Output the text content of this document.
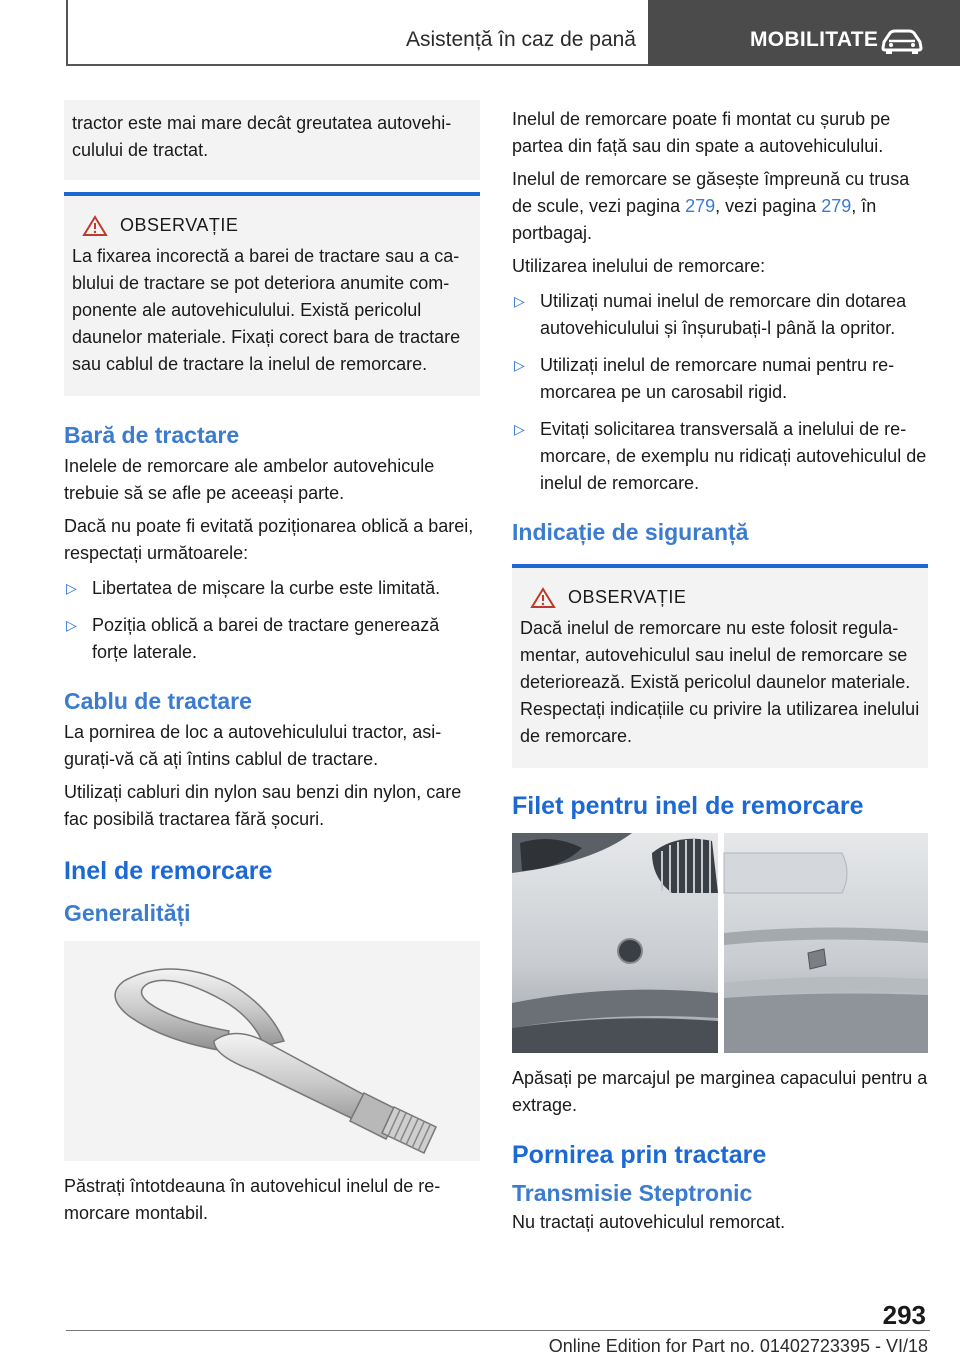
Asistență în caz de pană	MOBILITATE
tractor este mai mare decât greutatea autovehiculului de tractat.
OBSERVAȚIE
La fixarea incorectă a barei de tractare sau a cablului de tractare se pot deteriora anumite componente ale autovehiculului. Există pericolul daunelor materiale. Fixați corect bara de tractare sau cablul de tractare la inelul de remorcare.
Bară de tractare

Inelele de remorcare ale ambelor autovehicule trebuie să se afle pe aceeași parte.

Dacă nu poate fi evitată poziționarea oblică a barei, respectați următoarele:

▷ Libertatea de mișcare la curbe este limitată.
▷ Poziția oblică a barei de tractare generează forțe laterale.
Cablu de tractare

La pornirea de loc a autovehiculului tractor, asigurați-vă că ați întins cablul de tractare.

Utilizați cabluri din nylon sau benzi din nylon, care fac posibilă tractarea fără șocuri.

Inel de remorcare
Generalități

Păstrați întotdeauna în autovehicul inelul de remorcare montabil.

Inelul de remorcare poate fi montat cu șurub pe partea din față sau din spate a autovehiculului.

Inelul de remorcare se găsește împreună cu trusa de scule, vezi pagina 279, vezi pagina 279, în portbagaj.

Utilizarea inelului de remorcare:

▷ Utilizați numai inelul de remorcare din dotarea autovehiculului și înșurubați-l până la opritor.
▷ Utilizați inelul de remorcare numai pentru remorcarea pe un carosabil rigid.
▷ Evitați solicitarea transversală a inelului de remorcare, de exemplu nu ridicați autovehiculul de inelul de remorcare.
Indicație de siguranță
OBSERVAȚIE
Dacă inelul de remorcare nu este folosit regulamentar, autovehiculul sau inelul de remorcare se deteriorează. Există pericolul daunelor materiale. Respectați indicațiile cu privire la utilizarea inelului de remorcare.
Filet pentru inel de remorcare

Apăsați pe marcajul pe marginea capacului pentru a extrage.

Pornirea prin tractare
Transmisie Steptronic

Nu tractați autovehiculul remorcat.

293
Online Edition for Part no. 01402723395 - VI/18
